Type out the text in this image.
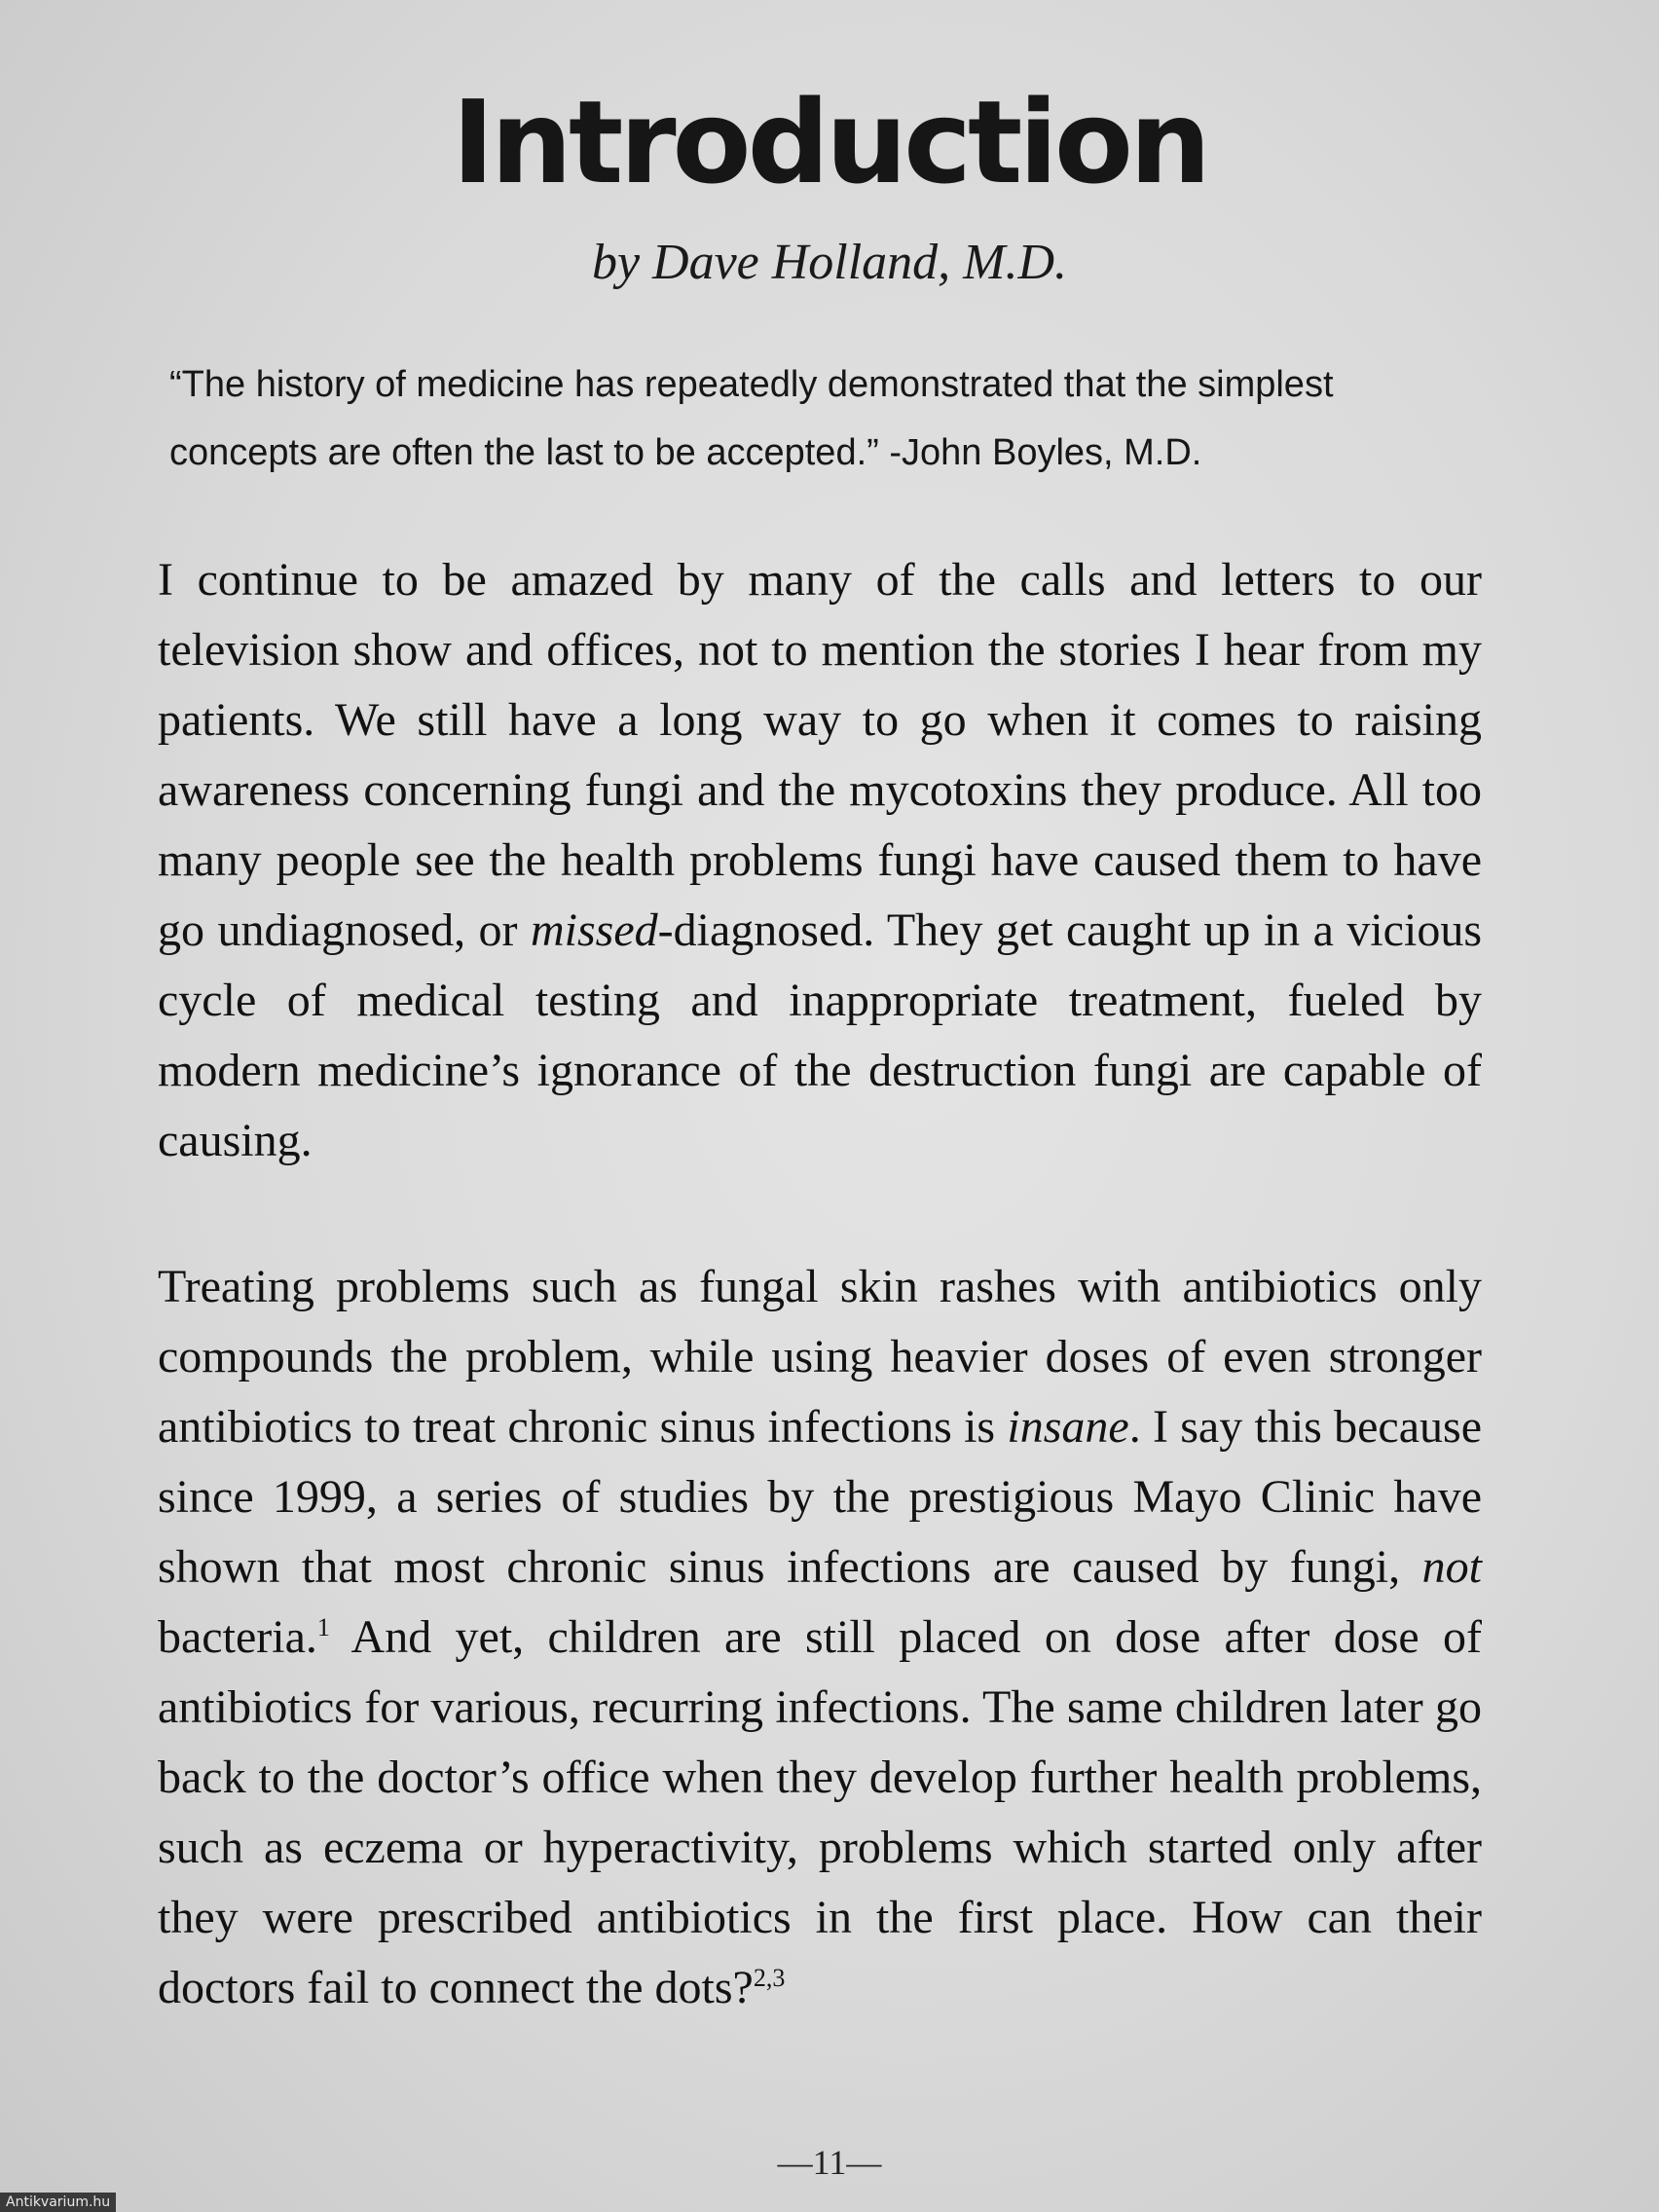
Introduction

by Dave Holland, M.D.

“The history of medicine has repeatedly demonstrated that the simplest concepts are often the last to be accepted.” -John Boyles, M.D.

I continue to be amazed by many of the calls and letters to our television show and offices, not to mention the stories I hear from my patients. We still have a long way to go when it comes to raising awareness concerning fungi and the mycotoxins they produce. All too many people see the health problems fungi have caused them to have go undiagnosed, or missed-diagnosed. They get caught up in a vicious cycle of medical testing and inappropriate treatment, fueled by modern medicine’s ignorance of the destruction fungi are capable of causing.

Treating problems such as fungal skin rashes with antibiotics only compounds the problem, while using heavier doses of even stronger antibiotics to treat chronic sinus infections is insane. I say this because since 1999, a series of studies by the prestigious Mayo Clinic have shown that most chronic sinus infections are caused by fungi, not bacteria.$^1$ And yet, children are still placed on dose after dose of antibiotics for various, recurring infections. The same children later go back to the doctor’s office when they develop further health problems, such as eczema or hyperactivity, problems which started only after they were prescribed antibiotics in the first place. How can their doctors fail to connect the dots?$^{2,3}$

—11—

Antikvarium.hu
